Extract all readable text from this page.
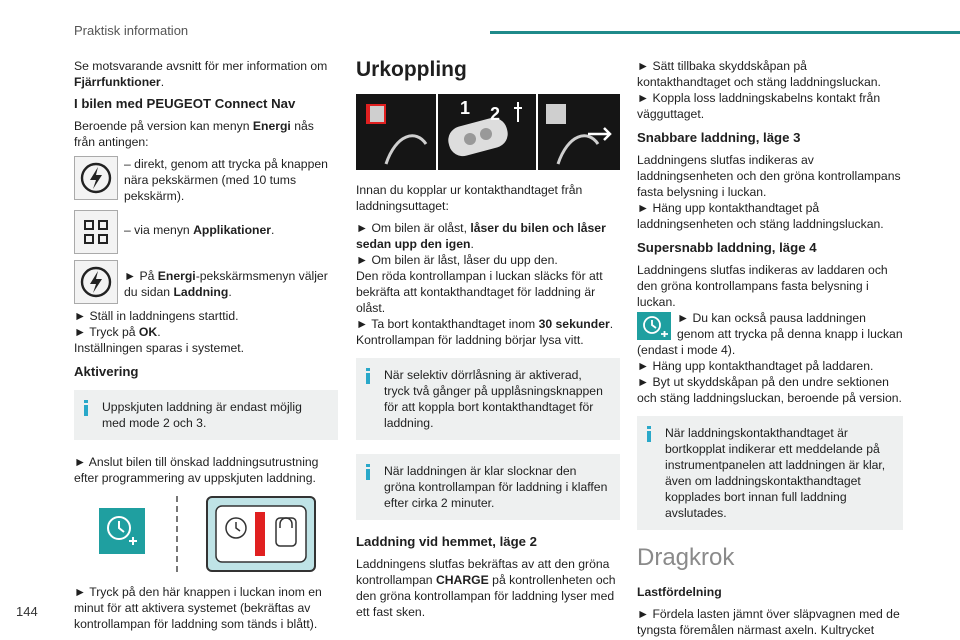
Praktisk information

Se motsvarande avsnitt för mer information om Fjärrfunktioner.

I bilen med PEUGEOT Connect Nav

Beroende på version kan menyn Energi nås från antingen:

– direkt, genom att trycka på knappen nära pekskärmen (med 10 tums pekskärm).
– via menyn Applikationer.
► På Energi-pekskärmsmenyn väljer du sidan Laddning.
► Ställ in laddningens starttid.
► Tryck på OK.
Inställningen sparas i systemet.
Aktivering
Uppskjuten laddning är endast möjlig med mode 2 och 3.

► Anslut bilen till önskad laddningsutrustning efter programmering av uppskjuten laddning.

► Tryck på den här knappen i luckan inom en minut för att aktivera systemet (bekräftas av kontrollampan för laddning som tänds i blått).

Urkoppling
1 2

Innan du kopplar ur kontakthandtaget från laddningsuttaget:

► Om bilen är olåst, låser du bilen och låser sedan upp den igen.
► Om bilen är låst, låser du upp den.
Den röda kontrollampan i luckan släcks för att bekräfta att kontakthandtaget för laddning är olåst.
► Ta bort kontakthandtaget inom 30 sekunder.
Kontrollampan för laddning börjar lysa vitt.
När selektiv dörrlåsning är aktiverad, tryck två gånger på upplåsningsknappen för att koppla bort kontakthandtaget för laddning.
När laddningen är klar slocknar den gröna kontrollampan för laddning i klaffen efter cirka 2 minuter.
Laddning vid hemmet, läge 2

Laddningens slutfas bekräftas av att den gröna kontrollampan CHARGE på kontrollenheten och den gröna kontrollampan för laddning lyser med ett fast sken.

► Sätt tillbaka skyddskåpan på kontakthandtaget och stäng laddningsluckan.
► Koppla loss laddningskabelns kontakt från vägguttaget.
Snabbare laddning, läge 3
Laddningens slutfas indikeras av laddningsenheten och den gröna kontrollampans fasta belysning i luckan.
► Häng upp kontakthandtaget på laddningsenheten och stäng laddningsluckan.
Supersnabb laddning, läge 4
Laddningens slutfas indikeras av laddaren och den gröna kontrollampans fasta belysning i luckan.
► Du kan också pausa laddningen genom att trycka på denna knapp i luckan (endast i mode 4).
► Häng upp kontakthandtaget på laddaren.
► Byt ut skyddskåpan på den undre sektionen och stäng laddningsluckan, beroende på version.
När laddningskontakthandtaget är bortkopplat indikerar ett meddelande på instrumentpanelen att laddningen är klar, även om laddningskontakthandtaget kopplades bort innan full laddning avslutades.
Dragkrok

Lastfördelning

► Fördela lasten jämnt över släpvagnen med de tyngsta föremålen närmast axeln. Kultrycket
144
